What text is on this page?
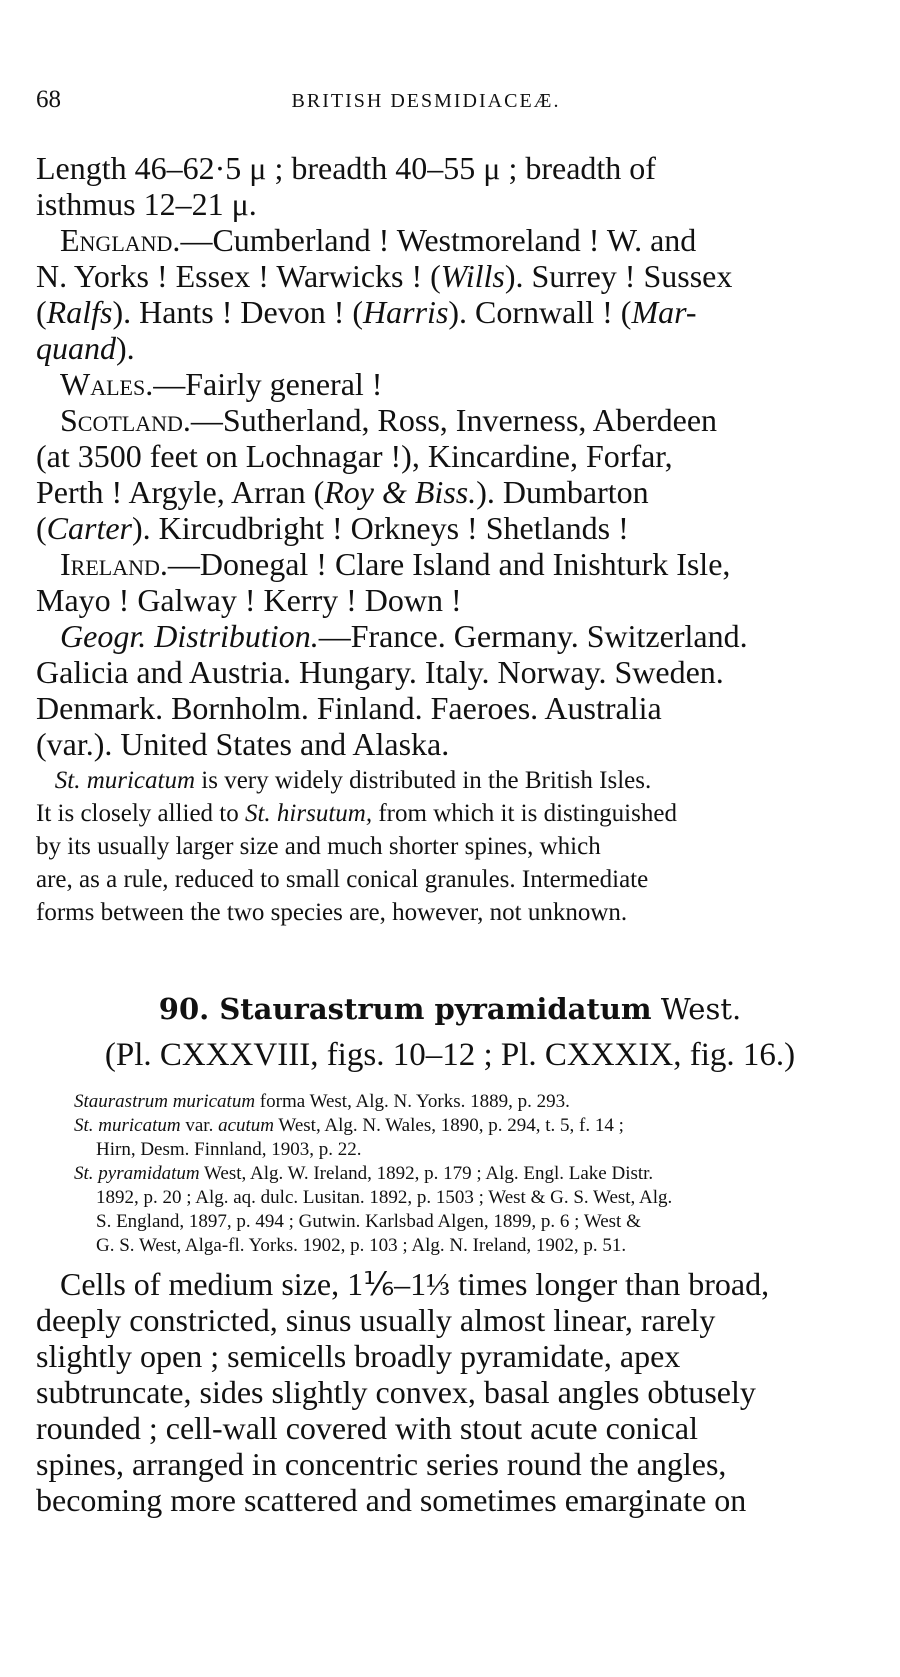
68	BRITISH DESMIDIACEÆ.
Length 46–62·5 μ ; breadth 40–55 μ ; breadth of
isthmus 12–21 μ.
England.—Cumberland ! Westmoreland ! W. and
N. Yorks ! Essex ! Warwicks ! (Wills). Surrey ! Sussex
(Ralfs). Hants ! Devon ! (Harris). Cornwall ! (Mar-
quand).
Wales.—Fairly general !
Scotland.—Sutherland, Ross, Inverness, Aberdeen
(at 3500 feet on Lochnagar !), Kincardine, Forfar,
Perth ! Argyle, Arran (Roy & Biss.). Dumbarton
(Carter). Kircudbright ! Orkneys ! Shetlands !
Ireland.—Donegal ! Clare Island and Inishturk Isle,
Mayo ! Galway ! Kerry ! Down !
Geogr. Distribution.—France. Germany. Switzerland.
Galicia and Austria. Hungary. Italy. Norway. Sweden.
Denmark. Bornholm. Finland. Faeroes. Australia
(var.). United States and Alaska.
St. muricatum is very widely distributed in the British Isles.
It is closely allied to St. hirsutum, from which it is distinguished
by its usually larger size and much shorter spines, which
are, as a rule, reduced to small conical granules. Intermediate
forms between the two species are, however, not unknown.
90. Staurastrum pyramidatum West.
(Pl. CXXXVIII, figs. 10–12 ; Pl. CXXXIX, fig. 16.)
Staurastrum muricatum forma West, Alg. N. Yorks. 1889, p. 293.
St. muricatum var. acutum West, Alg. N. Wales, 1890, p. 294, t. 5, f. 14 ;
Hirn, Desm. Finnland, 1903, p. 22.
St. pyramidatum West, Alg. W. Ireland, 1892, p. 179 ; Alg. Engl. Lake Distr.
1892, p. 20 ; Alg. aq. dulc. Lusitan. 1892, p. 1503 ; West & G. S. West, Alg.
S. England, 1897, p. 494 ; Gutwin. Karlsbad Algen, 1899, p. 6 ; West &
G. S. West, Alga-fl. Yorks. 1902, p. 103 ; Alg. N. Ireland, 1902, p. 51.
Cells of medium size, 1⅙–1⅓ times longer than broad,
deeply constricted, sinus usually almost linear, rarely
slightly open ; semicells broadly pyramidate, apex
subtruncate, sides slightly convex, basal angles obtusely
rounded ; cell-wall covered with stout acute conical
spines, arranged in concentric series round the angles,
becoming more scattered and sometimes emarginate on
